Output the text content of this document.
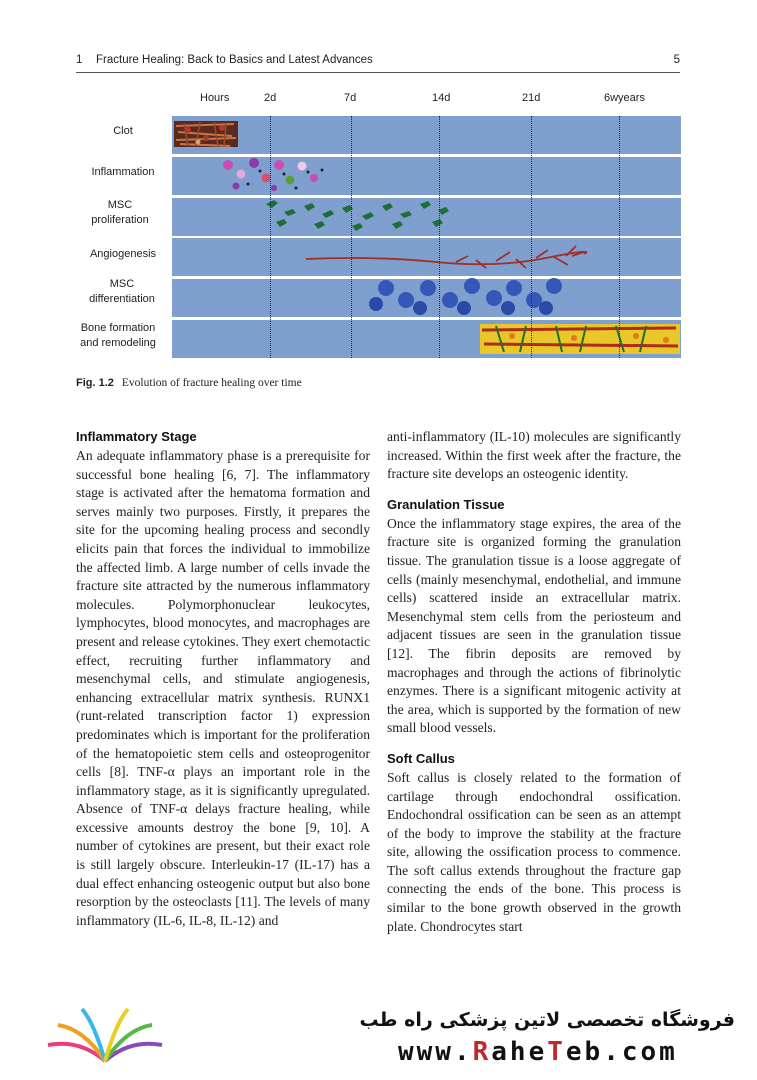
1 Fracture Healing: Back to Basics and Latest Advances	5
Hours	2d	7d	14d	21d	6wyears
Clot
Inflammation
MSC proliferation
Angiogenesis
MSC differentiation
Bone formation and remodeling
Fig. 1.2 Evolution of fracture healing over time
Inflammatory Stage

An adequate inflammatory phase is a prerequisite for successful bone healing [6, 7]. The inflammatory stage is activated after the hematoma formation and serves mainly two purposes. Firstly, it prepares the site for the upcoming healing process and secondly elicits pain that forces the individual to immobilize the affected limb. A large number of cells invade the fracture site attracted by the numerous inflammatory molecules. Polymorphonuclear leukocytes, lymphocytes, blood monocytes, and macrophages are present and release cytokines. They exert chemotactic effect, recruiting further inflammatory and mesenchymal cells, and stimulate angiogenesis, enhancing extracellular matrix synthesis. RUNX1 (runt-related transcription factor 1) expression predominates which is important for the proliferation of the hematopoietic stem cells and osteoprogenitor cells [8]. TNF-α plays an important role in the inflammatory stage, as it is significantly upregulated. Absence of TNF-α delays fracture healing, while excessive amounts destroy the bone [9, 10]. A number of cytokines are present, but their exact role is still largely obscure. Interleukin-17 (IL-17) has a dual effect enhancing osteogenic output but also bone resorption by the osteoclasts [11]. The levels of many inflammatory (IL-6, IL-8, IL-12) and

anti-inflammatory (IL-10) molecules are significantly increased. Within the first week after the fracture, the fracture site develops an osteogenic identity.

Granulation Tissue

Once the inflammatory stage expires, the area of the fracture site is organized forming the granulation tissue. The granulation tissue is a loose aggregate of cells (mainly mesenchymal, endothelial, and immune cells) scattered inside an extracellular matrix. Mesenchymal stem cells from the periosteum and adjacent tissues are seen in the granulation tissue [12]. The fibrin deposits are removed by macrophages and through the actions of fibrinolytic enzymes. There is a significant mitogenic activity at the area, which is supported by the formation of new small blood vessels.

Soft Callus

Soft callus is closely related to the formation of cartilage through endochondral ossification. Endochondral ossification can be seen as an attempt of the body to improve the stability at the fracture site, allowing the ossification process to commence. The soft callus extends throughout the fracture gap connecting the ends of the bone. This process is similar to the bone growth observed in the growth plate. Chondrocytes start

فروشگاه تخصصی لاتین پزشکی راه طب
www.RaheTeb.com
